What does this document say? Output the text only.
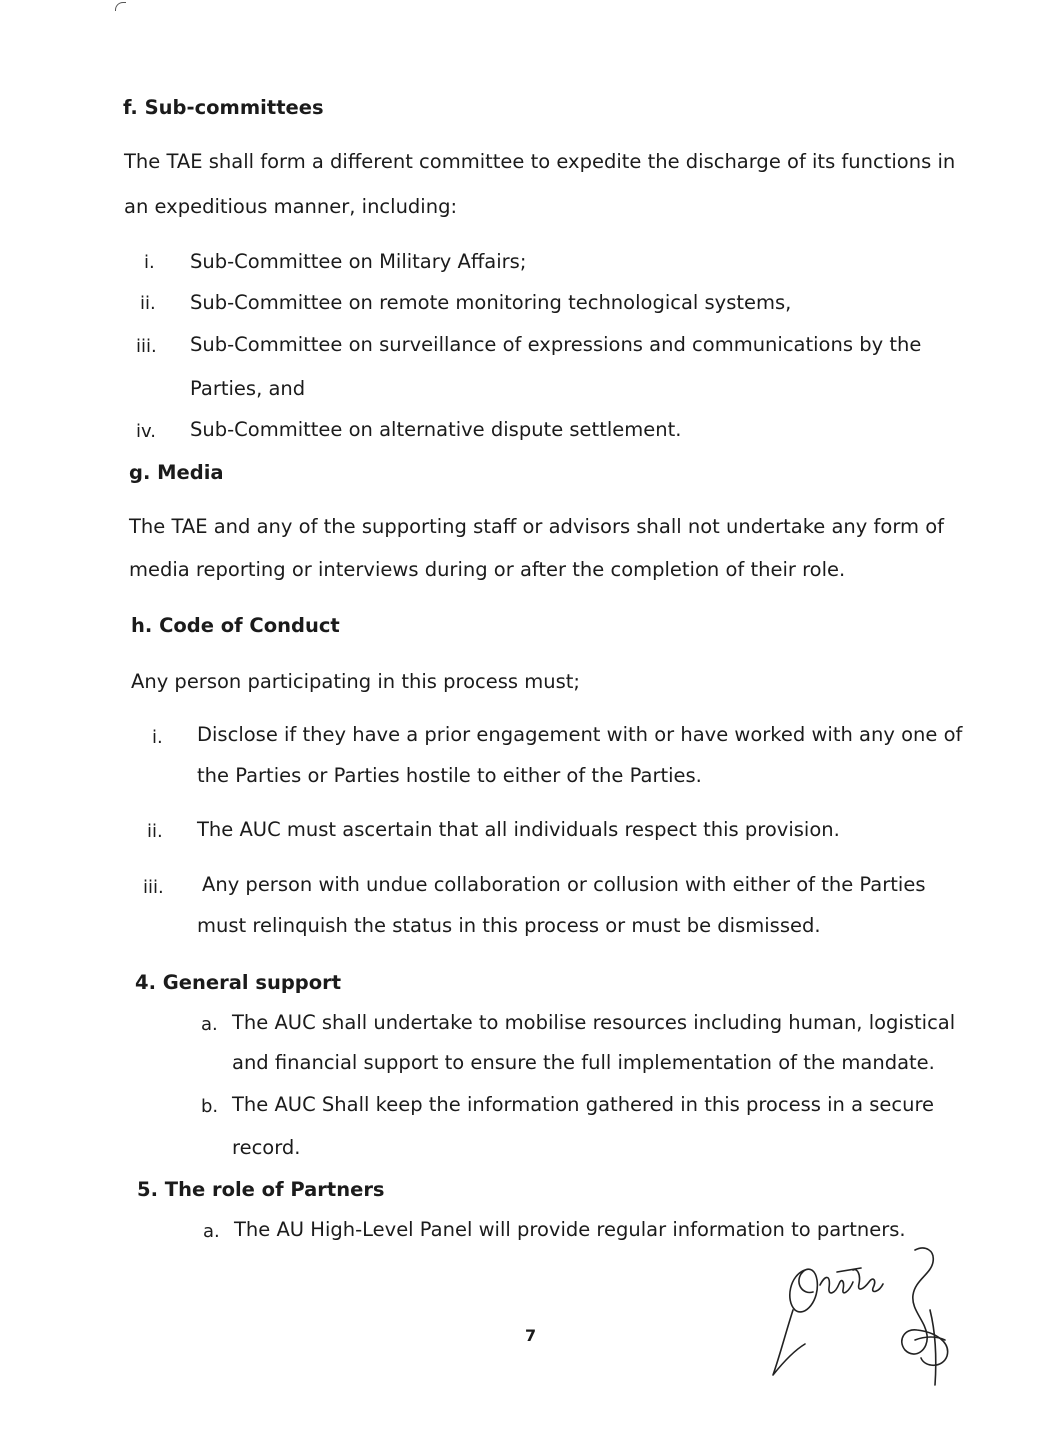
f. Sub-committees
The TAE shall form a different committee to expedite the discharge of its functions in
an expeditious manner, including:
i. Sub-Committee on Military Affairs;
ii. Sub-Committee on remote monitoring technological systems,
iii. Sub-Committee on surveillance of expressions and communications by the
Parties, and
iv. Sub-Committee on alternative dispute settlement.
g. Media
The TAE and any of the supporting staff or advisors shall not undertake any form of
media reporting or interviews during or after the completion of their role.
h. Code of Conduct
Any person participating in this process must;
i. Disclose if they have a prior engagement with or have worked with any one of
the Parties or Parties hostile to either of the Parties.
ii. The AUC must ascertain that all individuals respect this provision.
iii. Any person with undue collaboration or collusion with either of the Parties
must relinquish the status in this process or must be dismissed.
4. General support
a. The AUC shall undertake to mobilise resources including human, logistical
and financial support to ensure the full implementation of the mandate.
b. The AUC Shall keep the information gathered in this process in a secure
record.
5. The role of Partners
a. The AU High-Level Panel will provide regular information to partners.
7
